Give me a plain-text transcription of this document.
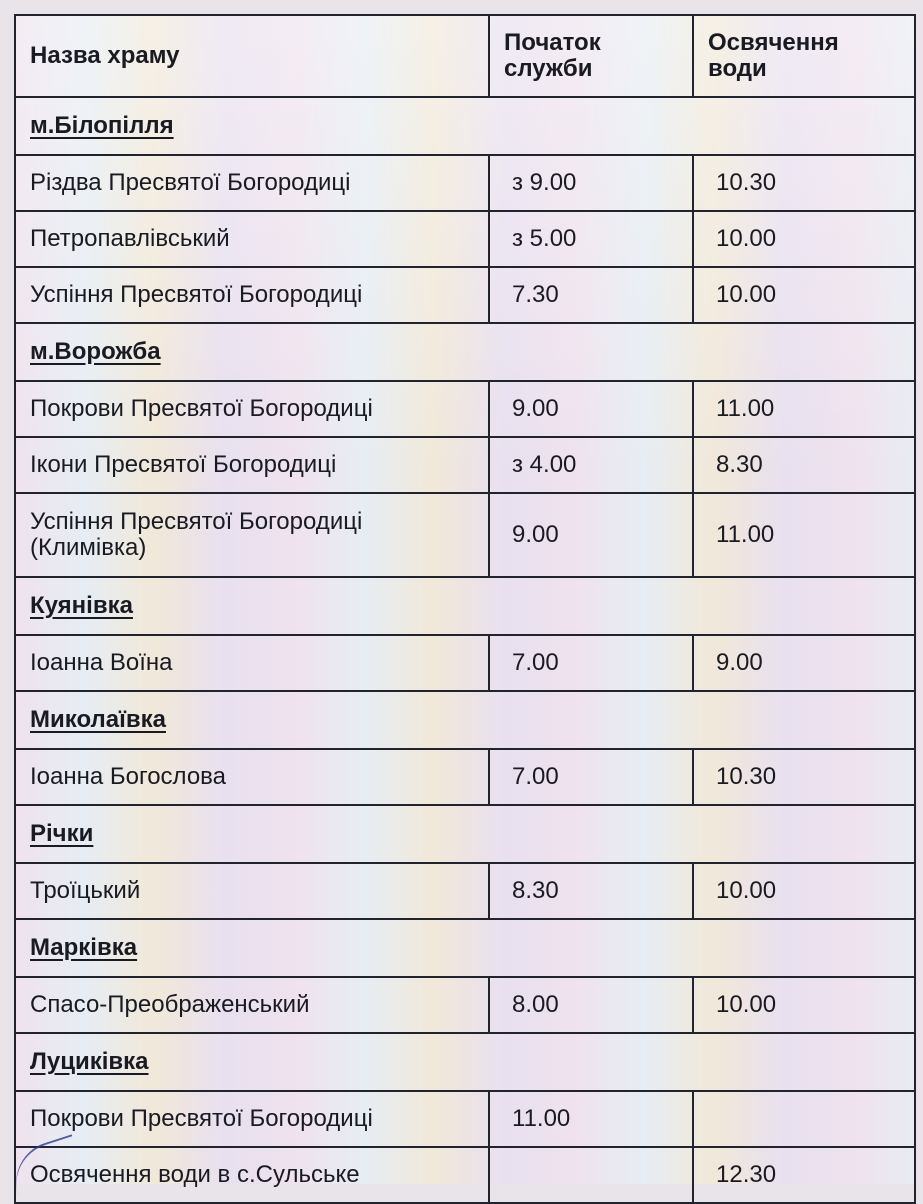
Назва храму	Початок служби	Освячення води
м.Білопілля		
Різдва Пресвятої Богородиці	з 9.00	10.30
Петропавлівський	з 5.00	10.00
Успіння Пресвятої Богородиці	7.30	10.00
м.Ворожба		
Покрови Пресвятої Богородиці	9.00	11.00
Ікони Пресвятої Богородиці	з 4.00	8.30
Успіння Пресвятої Богородиці (Климівка)	9.00	11.00
Куянівка		
Іоанна Воїна	7.00	9.00
Миколаївка		
Іоанна Богослова	7.00	10.30
Річки		
Троїцький	8.30	10.00
Марківка		
Спасо-Преображенський	8.00	10.00
Луциківка		
Покрови Пресвятої Богородиці	11.00	
Освячення води в с.Сульське		12.30
